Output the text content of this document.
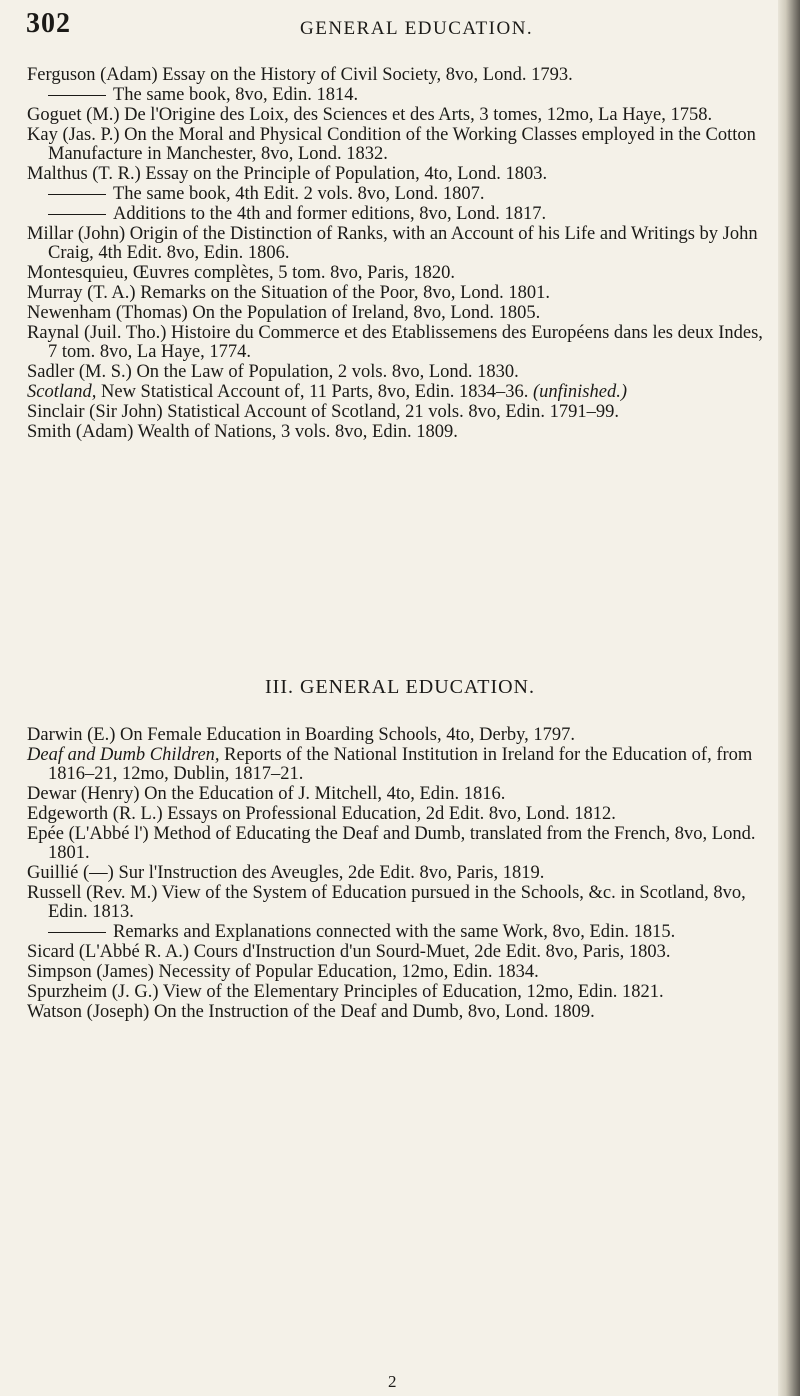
302	GENERAL EDUCATION.
Ferguson (Adam) Essay on the History of Civil Society, 8vo, Lond. 1793.
The same book, 8vo, Edin. 1814.
Goguet (M.) De l'Origine des Loix, des Sciences et des Arts, 3 tomes, 12mo, La Haye, 1758.
Kay (Jas. P.) On the Moral and Physical Condition of the Working Classes employed in the Cotton Manufacture in Manchester, 8vo, Lond. 1832.
Malthus (T. R.) Essay on the Principle of Population, 4to, Lond. 1803.
The same book, 4th Edit. 2 vols. 8vo, Lond. 1807.
Additions to the 4th and former editions, 8vo, Lond. 1817.
Millar (John) Origin of the Distinction of Ranks, with an Account of his Life and Writings by John Craig, 4th Edit. 8vo, Edin. 1806.
Montesquieu, Œuvres complètes, 5 tom. 8vo, Paris, 1820.
Murray (T. A.) Remarks on the Situation of the Poor, 8vo, Lond. 1801.
Newenham (Thomas) On the Population of Ireland, 8vo, Lond. 1805.
Raynal (Juil. Tho.) Histoire du Commerce et des Etablissemens des Européens dans les deux Indes, 7 tom. 8vo, La Haye, 1774.
Sadler (M. S.) On the Law of Population, 2 vols. 8vo, Lond. 1830.
Scotland, New Statistical Account of, 11 Parts, 8vo, Edin. 1834–36. (unfinished.)
Sinclair (Sir John) Statistical Account of Scotland, 21 vols. 8vo, Edin. 1791–99.
Smith (Adam) Wealth of Nations, 3 vols. 8vo, Edin. 1809.
III. GENERAL EDUCATION.
Darwin (E.) On Female Education in Boarding Schools, 4to, Derby, 1797.
Deaf and Dumb Children, Reports of the National Institution in Ireland for the Education of, from 1816–21, 12mo, Dublin, 1817–21.
Dewar (Henry) On the Education of J. Mitchell, 4to, Edin. 1816.
Edgeworth (R. L.) Essays on Professional Education, 2d Edit. 8vo, Lond. 1812.
Epée (L'Abbé l') Method of Educating the Deaf and Dumb, translated from the French, 8vo, Lond. 1801.
Guillié (—) Sur l'Instruction des Aveugles, 2de Edit. 8vo, Paris, 1819.
Russell (Rev. M.) View of the System of Education pursued in the Schools, &c. in Scotland, 8vo, Edin. 1813.
Remarks and Explanations connected with the same Work, 8vo, Edin. 1815.
Sicard (L'Abbé R. A.) Cours d'Instruction d'un Sourd-Muet, 2de Edit. 8vo, Paris, 1803.
Simpson (James) Necessity of Popular Education, 12mo, Edin. 1834.
Spurzheim (J. G.) View of the Elementary Principles of Education, 12mo, Edin. 1821.
Watson (Joseph) On the Instruction of the Deaf and Dumb, 8vo, Lond. 1809.
2
